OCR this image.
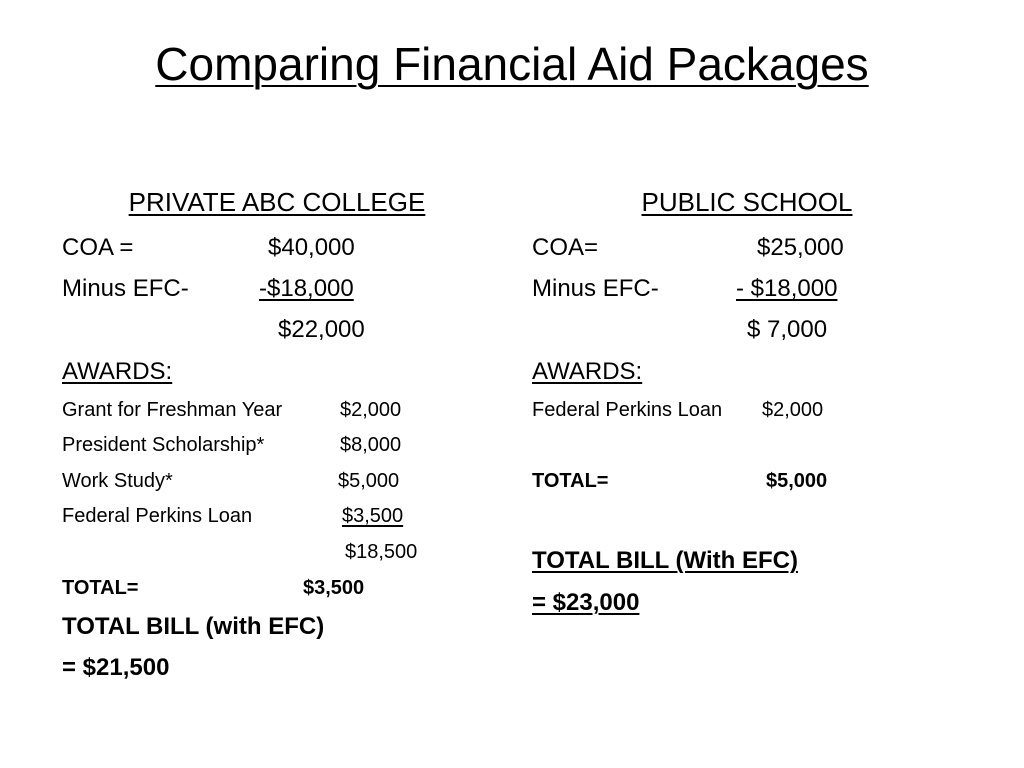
Comparing Financial Aid Packages
PRIVATE ABC COLLEGE
COA =	$40,000
Minus EFC-	-$18,000
$22,000
AWARDS:
Grant for Freshman Year	$2,000
President Scholarship*	$8,000
Work Study*	$5,000
Federal Perkins Loan	$3,500
$18,500
TOTAL=	$3,500
TOTAL BILL (with EFC)
= $21,500
PUBLIC SCHOOL
COA=	$25,000
Minus EFC-	- $18,000
$ 7,000
AWARDS:
Federal Perkins Loan $2,000
TOTAL=	$5,000
TOTAL BILL (With EFC)
= $23,000
